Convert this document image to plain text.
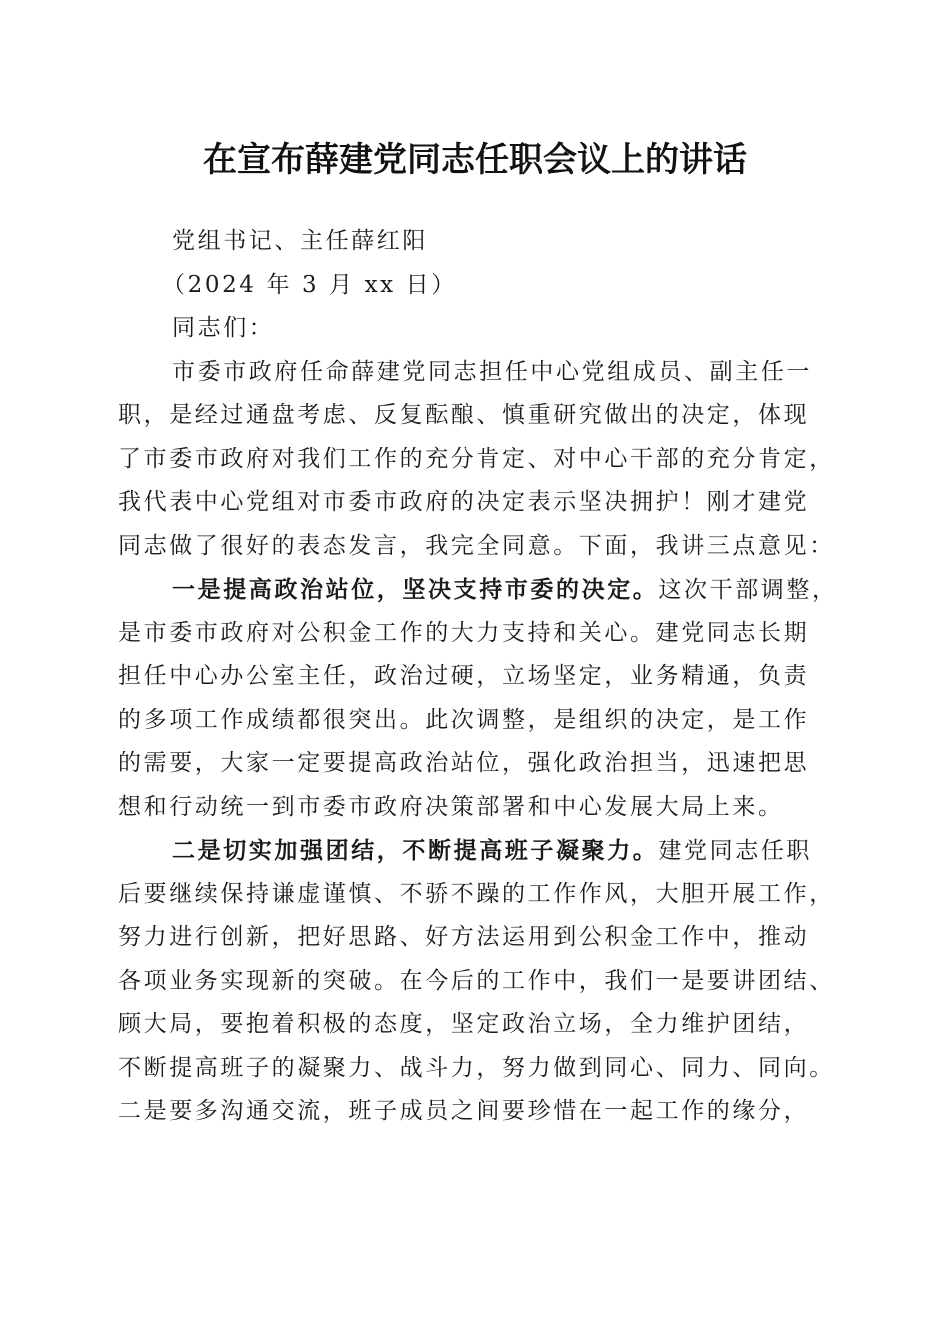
在宣布薛建党同志任职会议上的讲话
党组书记、主任薛红阳
（2024 年 3 月 xx 日）
同志们：
市委市政府任命薛建党同志担任中心党组成员、副主任一
职，是经过通盘考虑、反复酝酿、慎重研究做出的决定，体现
了市委市政府对我们工作的充分肯定、对中心干部的充分肯定，
我代表中心党组对市委市政府的决定表示坚决拥护！刚才建党
同志做了很好的表态发言，我完全同意。下面，我讲三点意见：
一是提高政治站位，坚决支持市委的决定。这次干部调整，
是市委市政府对公积金工作的大力支持和关心。建党同志长期
担任中心办公室主任，政治过硬，立场坚定，业务精通，负责
的多项工作成绩都很突出。此次调整，是组织的决定，是工作
的需要，大家一定要提高政治站位，强化政治担当，迅速把思
想和行动统一到市委市政府决策部署和中心发展大局上来。
二是切实加强团结，不断提高班子凝聚力。建党同志任职
后要继续保持谦虚谨慎、不骄不躁的工作作风，大胆开展工作，
努力进行创新，把好思路、好方法运用到公积金工作中，推动
各项业务实现新的突破。在今后的工作中，我们一是要讲团结、
顾大局，要抱着积极的态度，坚定政治立场，全力维护团结，
不断提高班子的凝聚力、战斗力，努力做到同心、同力、同向。
二是要多沟通交流，班子成员之间要珍惜在一起工作的缘分，
